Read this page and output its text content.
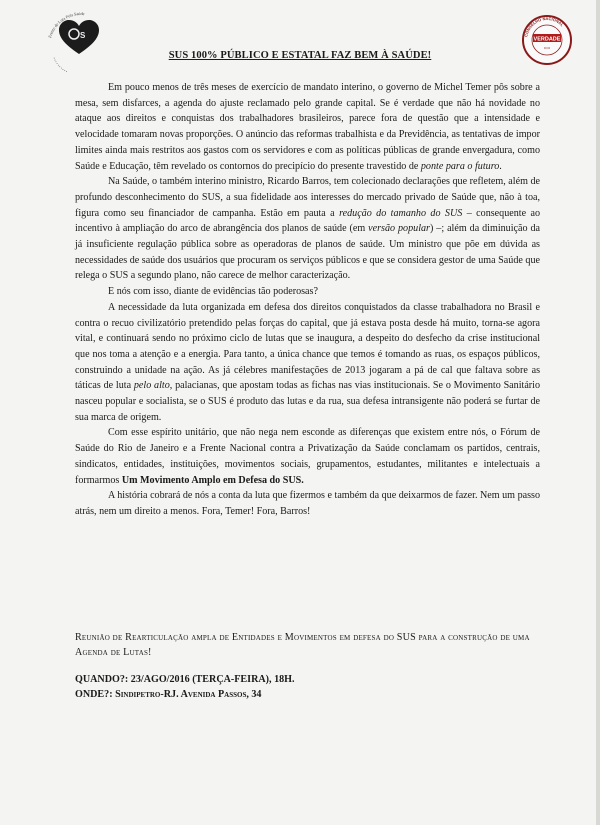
Frente de Luta Pela Saúde
• • • • • • • • • •
S	VERDADE
•••••
CONSELHO NACIONAL
SUS 100% PÚBLICO E ESTATAL FAZ BEM À SAÚDE!

Em pouco menos de três meses de exercício de mandato interino, o governo de Michel Temer pôs sobre a mesa, sem disfarces, a agenda do ajuste reclamado pelo grande capital. Se é verdade que não há novidade no ataque aos direitos e conquistas dos trabalhadores brasileiros, parece fora de questão que a intensidade e velocidade tomaram novas proporções. O anúncio das reformas trabalhista e da Previdência, as tentativas de impor limites ainda mais restritos aos gastos com os servidores e com as políticas públicas de grande envergadura, como Saúde e Educação, têm revelado os contornos do precipício do presente travestido de ponte para o futuro.

Na Saúde, o também interino ministro, Ricardo Barros, tem colecionado declarações que refletem, além de profundo desconhecimento do SUS, a sua fidelidade aos interesses do mercado privado de Saúde que, não à toa, figura como seu financiador de campanha. Estão em pauta a redução do tamanho do SUS – consequente ao incentivo à ampliação do arco de abrangência dos planos de saúde (em versão popular) –; além da diminuição da já insuficiente regulação pública sobre as operadoras de planos de saúde. Um ministro que põe em dúvida as necessidades de saúde dos usuários que procuram os serviços públicos e que se considera gestor de uma Saúde que relega o SUS a segundo plano, não carece de melhor caracterização.

E nós com isso, diante de evidências tão poderosas?

A necessidade da luta organizada em defesa dos direitos conquistados da classe trabalhadora no Brasil e contra o recuo civilizatório pretendido pelas forças do capital, que já estava posta desde há muito, torna-se agora vital, e continuará sendo no próximo ciclo de lutas que se inaugura, a despeito do desfecho da crise institucional que nos toma a atenção e a energia. Para tanto, a única chance que temos é tomando as ruas, os espaços públicos, construindo a unidade na ação. As já célebres manifestações de 2013 jogaram a pá de cal que faltava sobre as táticas de luta pelo alto, palacianas, que apostam todas as fichas nas vias institucionais. Se o Movimento Sanitário nasceu popular e socialista, se o SUS é produto das lutas e da rua, sua defesa intransigente não poderá se furtar de sua marca de origem.

Com esse espírito unitário, que não nega nem esconde as diferenças que existem entre nós, o Fórum de Saúde do Rio de Janeiro e a Frente Nacional contra a Privatização da Saúde conclamam os partidos, centrais, sindicatos, entidades, instituições, movimentos sociais, grupamentos, estudantes, militantes e intelectuais a formarmos Um Movimento Amplo em Defesa do SUS.

A história cobrará de nós a conta da luta que fizermos e também da que deixarmos de fazer. Nem um passo atrás, nem um direito a menos. Fora, Temer! Fora, Barros!

Reunião de Rearticulação ampla de Entidades e Movimentos em defesa do SUS para a construção de uma Agenda de Lutas!

QUANDO?: 23/AGO/2016 (TERÇA-FEIRA), 18H.

ONDE?: Sindipetro-RJ. Avenida Passos, 34
